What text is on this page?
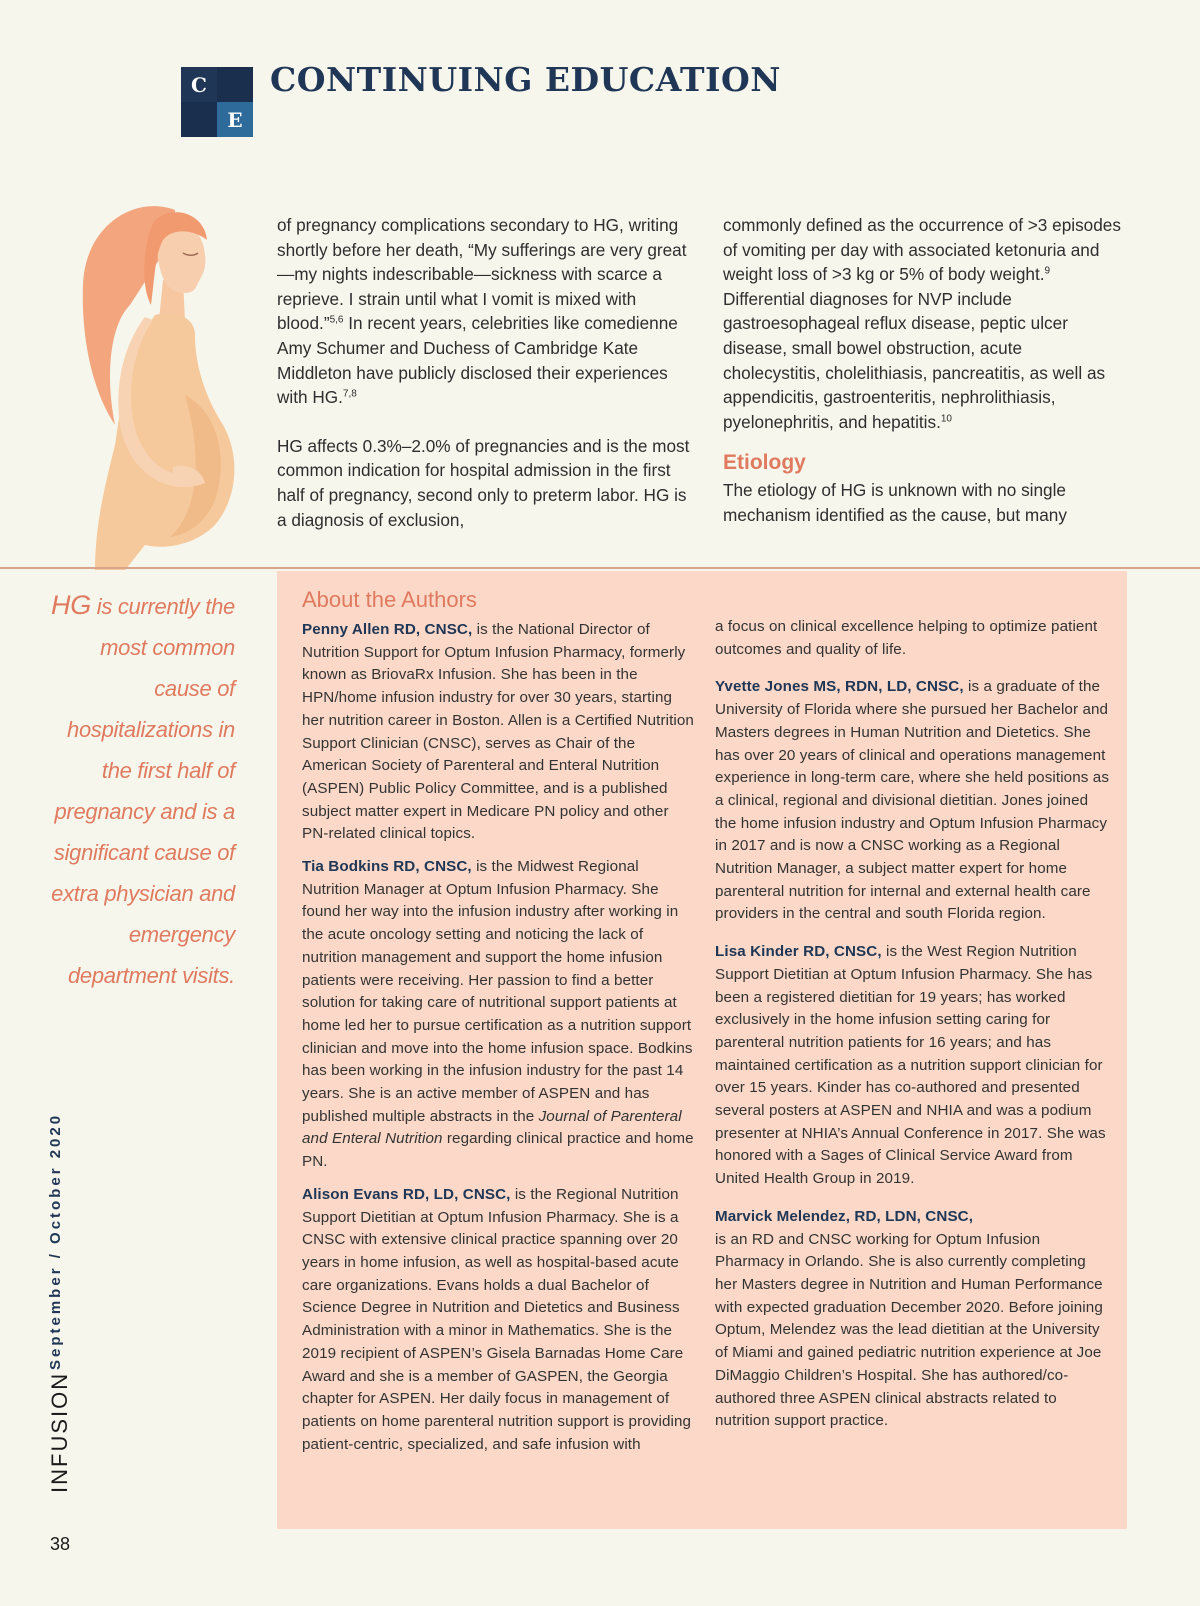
C
E
CONTINUING EDUCATION

of pregnancy complications secondary to HG, writing shortly before her death, “My sufferings are very great—my nights indescribable—sickness with scarce a reprieve. I strain until what I vomit is mixed with blood.”$^{5,6}$ In recent years, celebrities like comedienne Amy Schumer and Duchess of Cambridge Kate Middleton have publicly disclosed their experiences with HG.$^{7,8}$

HG affects 0.3%–2.0% of pregnancies and is the most common indication for hospital admission in the first half of pregnancy, second only to preterm labor. HG is a diagnosis of exclusion,

commonly defined as the occurrence of >3 episodes of vomiting per day with associated ketonuria and weight loss of >3 kg or 5% of body weight.$^9$ Differential diagnoses for NVP include gastroesophageal reflux disease, peptic ulcer disease, small bowel obstruction, acute cholecystitis, cholelithiasis, pancreatitis, as well as appendicitis, gastroenteritis, nephrolithiasis, pyelonephritis, and hepatitis.$^{10}$

Etiology

The etiology of HG is unknown with no single mechanism identified as the cause, but many

HG is currently the most common cause of hospitalizations in the first half of pregnancy and is a significant cause of extra physician and emergency department visits.
About the Authors

Penny Allen RD, CNSC, is the National Director of Nutrition Support for Optum Infusion Pharmacy, formerly known as BriovaRx Infusion. She has been in the HPN/home infusion industry for over 30 years, starting her nutrition career in Boston. Allen is a Certified Nutrition Support Clinician (CNSC), serves as Chair of the American Society of Parenteral and Enteral Nutrition (ASPEN) Public Policy Committee, and is a published subject matter expert in Medicare PN policy and other PN-related clinical topics.

Tia Bodkins RD, CNSC, is the Midwest Regional Nutrition Manager at Optum Infusion Pharmacy. She found her way into the infusion industry after working in the acute oncology setting and noticing the lack of nutrition management and support the home infusion patients were receiving. Her passion to find a better solution for taking care of nutritional support patients at home led her to pursue certification as a nutrition support clinician and move into the home infusion space. Bodkins has been working in the infusion industry for the past 14 years. She is an active member of ASPEN and has published multiple abstracts in the Journal of Parenteral and Enteral Nutrition regarding clinical practice and home PN.

Alison Evans RD, LD, CNSC, is the Regional Nutrition Support Dietitian at Optum Infusion Pharmacy. She is a CNSC with extensive clinical practice spanning over 20 years in home infusion, as well as hospital-based acute care organizations. Evans holds a dual Bachelor of Science Degree in Nutrition and Dietetics and Business Administration with a minor in Mathematics. She is the 2019 recipient of ASPEN’s Gisela Barnadas Home Care Award and she is a member of GASPEN, the Georgia chapter for ASPEN. Her daily focus in management of patients on home parenteral nutrition support is providing patient-centric, specialized, and safe infusion with

a focus on clinical excellence helping to optimize patient outcomes and quality of life.

Yvette Jones MS, RDN, LD, CNSC, is a graduate of the University of Florida where she pursued her Bachelor and Masters degrees in Human Nutrition and Dietetics. She has over 20 years of clinical and operations management experience in long-term care, where she held positions as a clinical, regional and divisional dietitian. Jones joined the home infusion industry and Optum Infusion Pharmacy in 2017 and is now a CNSC working as a Regional Nutrition Manager, a subject matter expert for home parenteral nutrition for internal and external health care providers in the central and south Florida region.

Lisa Kinder RD, CNSC, is the West Region Nutrition Support Dietitian at Optum Infusion Pharmacy. She has been a registered dietitian for 19 years; has worked exclusively in the home infusion setting caring for parenteral nutrition patients for 16 years; and has maintained certification as a nutrition support clinician for over 15 years. Kinder has co-authored and presented several posters at ASPEN and NHIA and was a podium presenter at NHIA’s Annual Conference in 2017. She was honored with a Sages of Clinical Service Award from United Health Group in 2019.

Marvick Melendez, RD, LDN, CNSC,
is an RD and CNSC working for Optum Infusion Pharmacy in Orlando. She is also currently completing her Masters degree in Nutrition and Human Performance with expected graduation December 2020. Before joining Optum, Melendez was the lead dietitian at the University of Miami and gained pediatric nutrition experience at Joe DiMaggio Children’s Hospital. She has authored/co-authored three ASPEN clinical abstracts related to nutrition support practice.

September / October 2020
INFUSION
38
